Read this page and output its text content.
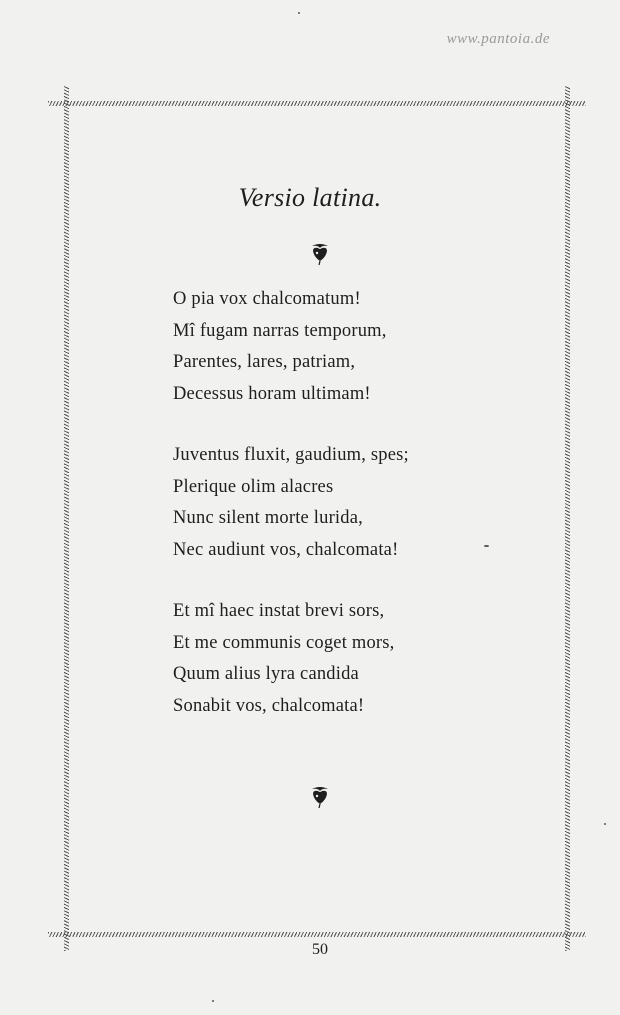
www.pantoia.de
Versio latina.
O pia vox chalcomatum!
Mî fugam narras temporum,
Parentes, lares, patriam,
Decessus horam ultimam!
Juventus fluxit, gaudium, spes;
Plerique olim alacres
Nunc silent morte lurida,
Nec audiunt vos, chalcomata!
Et mî haec instat brevi sors,
Et me communis coget mors,
Quum alius lyra candida
Sonabit vos, chalcomata!
50
